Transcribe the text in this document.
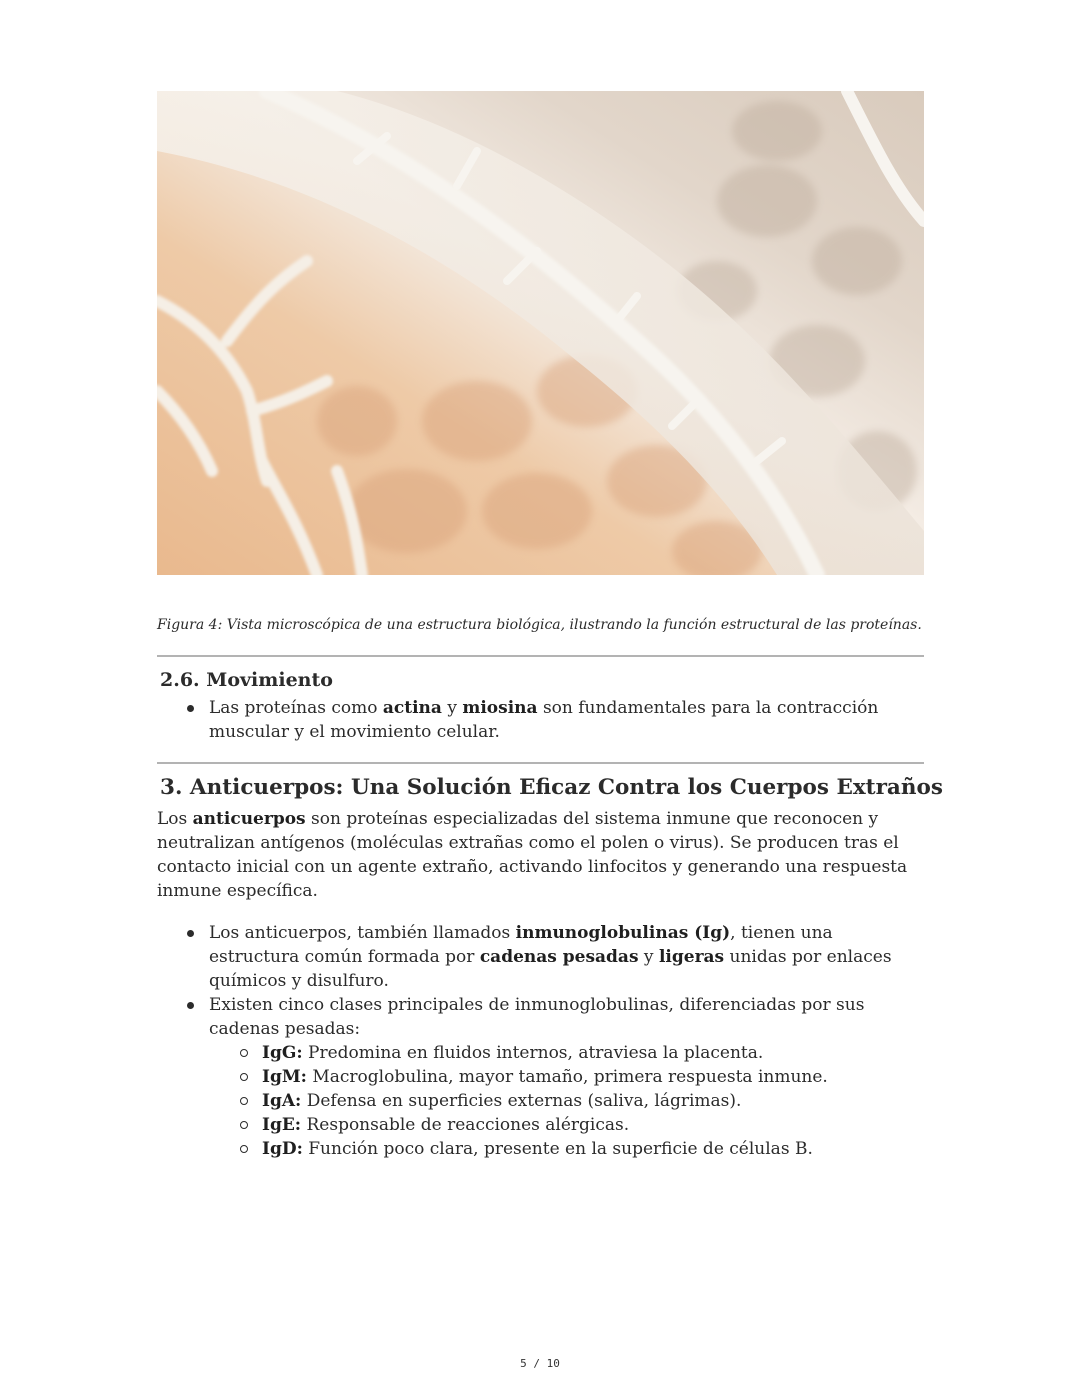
Figura 4: Vista microscópica de una estructura biológica, ilustrando la función estructural de las proteínas.
2.6. Movimiento
Las proteínas como actina y miosina son fundamentales para la contracción muscular y el movimiento celular.
3. Anticuerpos: Una Solución Eficaz Contra los Cuerpos Extraños

Los anticuerpos son proteínas especializadas del sistema inmune que reconocen y neutralizan antígenos (moléculas extrañas como el polen o virus). Se producen tras el contacto inicial con un agente extraño, activando linfocitos y generando una respuesta inmune específica.

Los anticuerpos, también llamados inmunoglobulinas (Ig), tienen una estructura común formada por cadenas pesadas y ligeras unidas por enlaces químicos y disulfuro.
Existen cinco clases principales de inmunoglobulinas, diferenciadas por sus cadenas pesadas:
IgG: Predomina en fluidos internos, atraviesa la placenta.
IgM: Macroglobulina, mayor tamaño, primera respuesta inmune.
IgA: Defensa en superficies externas (saliva, lágrimas).
IgE: Responsable de reacciones alérgicas.
IgD: Función poco clara, presente en la superficie de células B.
5 / 10
